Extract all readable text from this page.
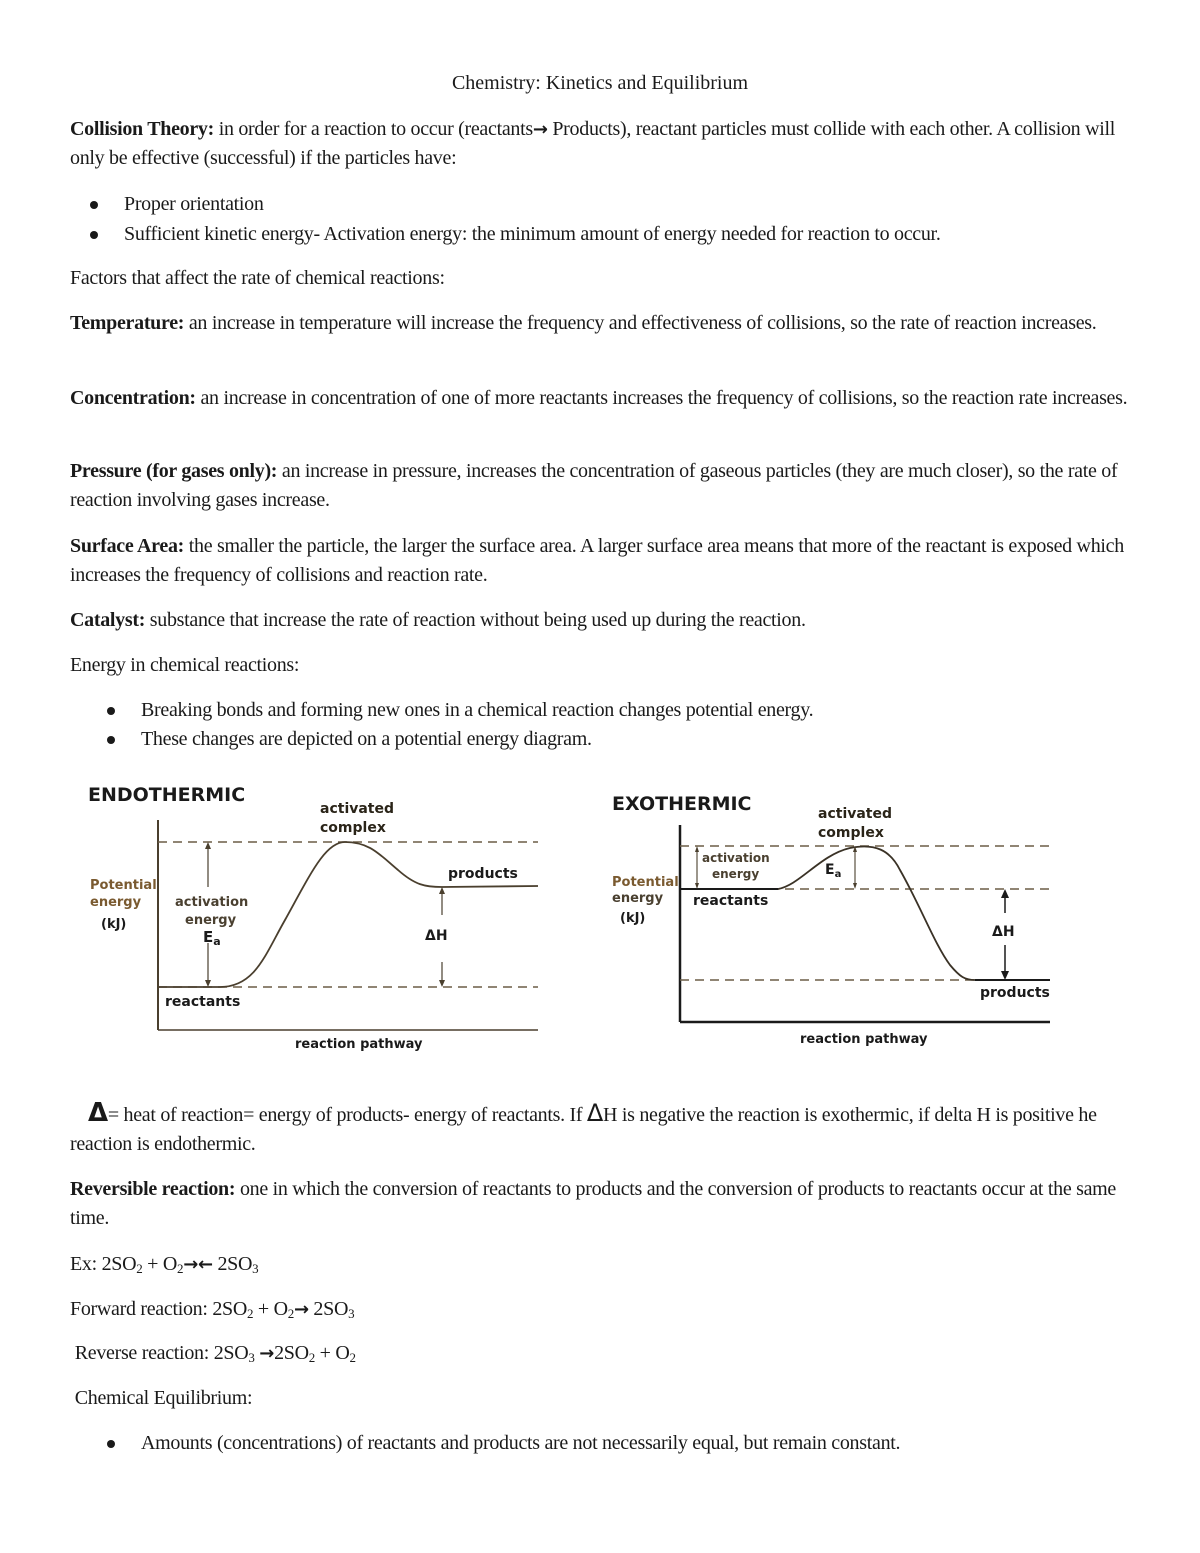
Chemistry: Kinetics and Equilibrium
Collision Theory: in order for a reaction to occur (reactants→ Products), reactant particles must collide with each other. A collision will only be effective (successful) if the particles have:
Proper orientation
Sufficient kinetic energy- Activation energy: the minimum amount of energy needed for reaction to occur.
Factors that affect the rate of chemical reactions:
Temperature: an increase in temperature will increase the frequency and effectiveness of collisions, so the rate of reaction increases.
Concentration: an increase in concentration of one of more reactants increases the frequency of collisions, so the reaction rate increases.
Pressure (for gases only): an increase in pressure, increases the concentration of gaseous particles (they are much closer), so the rate of reaction involving gases increase.
Surface Area: the smaller the particle, the larger the surface area. A larger surface area means that more of the reactant is exposed which increases the frequency of collisions and reaction rate.
Catalyst: substance that increase the rate of reaction without being used up during the reaction.
Energy in chemical reactions:
Breaking bonds and forming new ones in a chemical reaction changes potential energy.
These changes are depicted on a potential energy diagram.
ENDOTHERMIC
activated
complex
activation
energy
$E_a$	ΔH
products
Potential
energy
(kJ)
reactants
reaction pathway
EXOTHERMIC	activated
complex
activation
energy	$E_a$
ΔH
Potential
energy
(kJ)
reactants
products
reaction pathway
Δ= heat of reaction= energy of products- energy of reactants. If ΔH is negative the reaction is exothermic, if delta H is positive he reaction is endothermic.
Reversible reaction: one in which the conversion of reactants to products and the conversion of products to reactants occur at the same time.
Ex: $2SO_2$ + $O_2\to\leftarrow$ $2SO_3$
Forward reaction: $2SO_2 + O_2\to 2SO_3$
Reverse reaction: $2SO_3 \to 2SO_2 + O_2$
Chemical Equilibrium:
Amounts (concentrations) of reactants and products are not necessarily equal, but remain constant.
